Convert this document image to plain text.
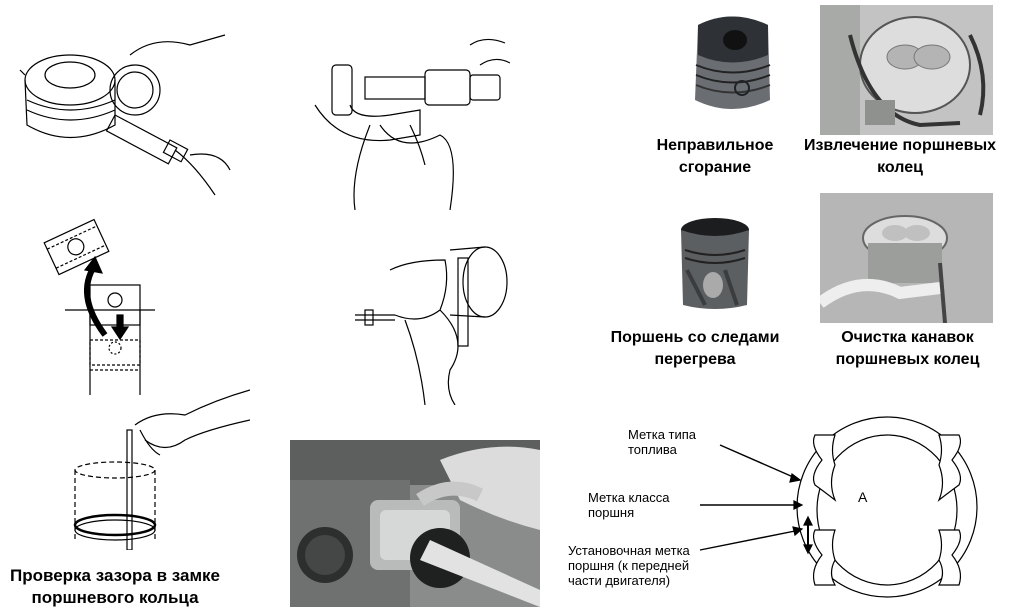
Неправильное
сгорание
Извлечение поршневых
колец
Поршень со следами
перегрева
Очистка канавок
поршневых колец
Проверка зазора в замке
поршневого кольца
A
Метка типа
топлива
Метка класса
поршня
Установочная метка
поршня (к передней
части двигателя)
